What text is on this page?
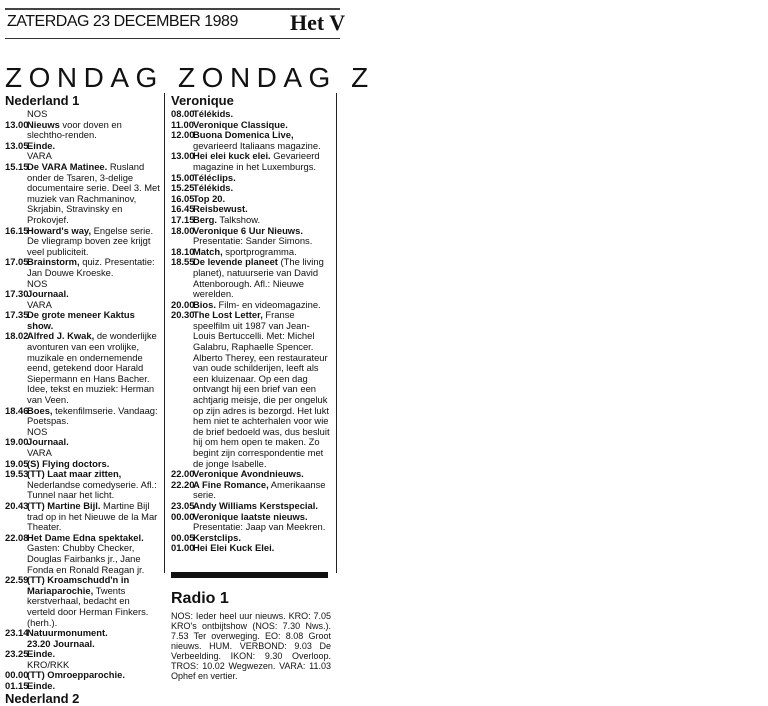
ZATERDAG 23 DECEMBER 1989 Het V
ZONDAG ZONDAG Z
Nederland 1
NOS
13.00
Nieuws voor doven en slechtho-renden.
13.05
Einde.
VARA
15.15
De VARA Matinee. Rusland onder de Tsaren, 3-delige documentaire serie. Deel 3. Met muziek van Rachmaninov, Skrjabin, Stravinsky en Prokovjef.
16.15
Howard's way, Engelse serie. De vliegramp boven zee krijgt veel publiciteit.
17.05
Brainstorm, quiz. Presentatie: Jan Douwe Kroeske.
NOS
17.30
Journaal.
VARA
17.35
De grote meneer Kaktus show.
18.02
Alfred J. Kwak, de wonderlijke avonturen van een vrolijke, muzikale en ondernemende eend, getekend door Harald Siepermann en Hans Bacher. Idee, tekst en muziek: Herman van Veen.
18.46
Boes, tekenfilmserie. Vandaag: Poetspas.
NOS
19.00
Journaal.
VARA
19.05
(S) Flying doctors.
19.53
(TT) Laat maar zitten, Nederlandse comedyserie. Afl.: Tunnel naar het licht.
20.43
(TT) Martine Bijl. Martine Bijl trad op in het Nieuwe de la Mar Theater.
22.08
Het Dame Edna spektakel. Gasten: Chubby Checker, Douglas Fairbanks jr., Jane Fonda en Ronald Reagan jr.
22.59
(TT) Kroamschudd'n in Mariaparochie, Twents kerstverhaal, bedacht en verteld door Herman Finkers. (herh.).
23.14
Natuurmonument.
23.20 Journaal.
23.25
Einde.
KRO/RKK
00.00
(TT) Omroepparochie.
01.15
Einde.
Nederland 2
Veronique
08.00
Télékids.
11.00 Veronique Classique.
12.00
Buona Domenica Live, gevarieerd Italiaans magazine.
13.00
Hei elei kuck elei. Gevarieerd magazine in het Luxemburgs.
15.00
Téléclips.
15.25
Télékids.
16.05
Top 20.
16.45
Reisbewust.
17.15
Berg. Talkshow.
18.00
Veronique 6 Uur Nieuws. Presentatie: Sander Simons.
18.10
Match, sportprogramma.
18.55
De levende planeet (The living planet), natuurserie van David Attenborough. Afl.: Nieuwe werelden.
20.00
Bios. Film- en videomagazine.
20.30
The Lost Letter, Franse speelfilm uit 1987 van Jean-Louis Bertuccelli. Met: Michel Galabru, Raphaelle Spencer. Alberto Therey, een restaurateur van oude schilderijen, leeft als een kluizenaar. Op een dag ontvangt hij een brief van een achtjarig meisje, die per ongeluk op zijn adres is bezorgd. Het lukt hem niet te achterhalen voor wie de brief bedoeld was, dus besluit hij om hem open te maken. Zo begint zijn correspondentie met de jonge Isabelle.
22.00
Veronique Avondnieuws.
22.20
A Fine Romance, Amerikaanse serie.
23.05
Andy Williams Kerstspecial.
00.00
Veronique laatste nieuws. Presentatie: Jaap van Meekren.
00.05
Kerstclips.
01.00
Hei Elei Kuck Elei.
Radio 1
NOS: Ieder heel uur nieuws. KRO: 7.05 KRO's ontbijtshow (NOS: 7.30 Nws.). 7.53 Ter overweging. EO: 8.08 Groot nieuws. HUM. VERBOND: 9.03 De Verbeelding. IKON: 9.30 Overloop. TROS: 10.02 Wegwezen. VARA: 11.03 Ophef en vertier.
